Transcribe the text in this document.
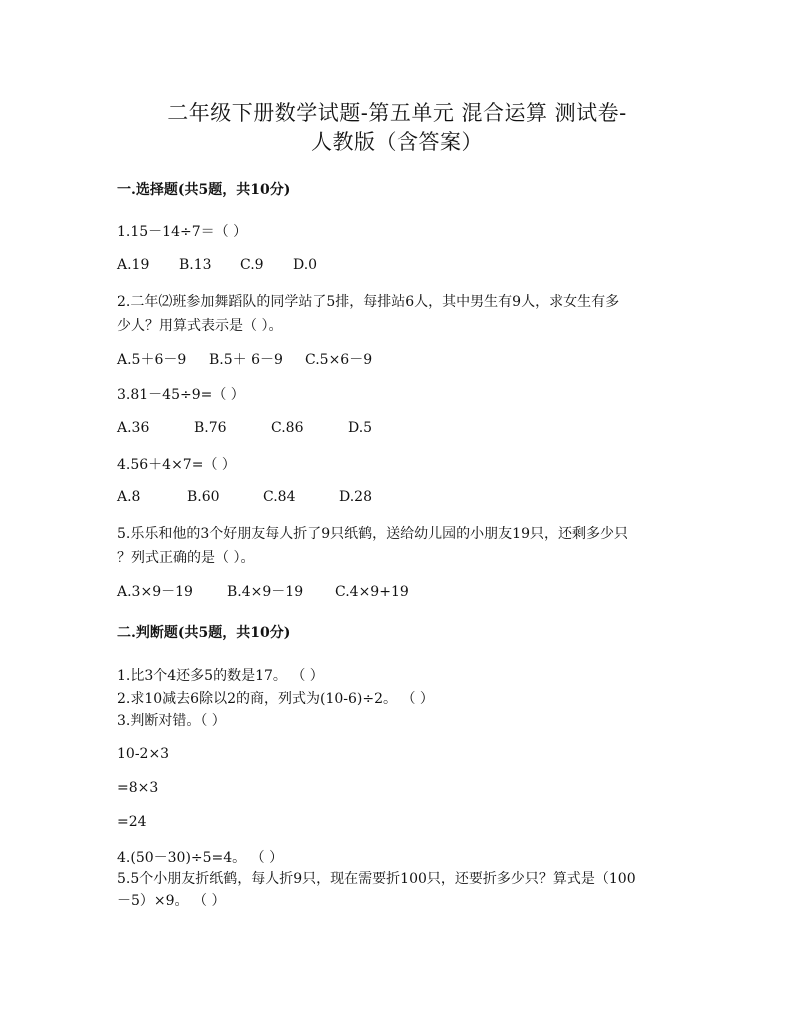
二年级下册数学试题-第五单元 混合运算 测试卷-
人教版（含答案）
一.选择题(共5题，共10分)
1.15－14÷7＝（ ）
A.19 B.13 C.9 D.0
2.二年⑵班参加舞蹈队的同学站了5排，每排站6人，其中男生有9人，求女生有多
少人？用算式表示是（ ）。
A.5＋6－9 B.5＋ 6－9 C.5×6－9
3.81－45÷9=（ ）
A.36	B.76	C.86	D.5
4.56＋4×7=（ ）
A.8	B.60	C.84	D.28
5.乐乐和他的3个好朋友每人折了9只纸鹤，送给幼儿园的小朋友19只，还剩多少只
？列式正确的是（ ）。
A.3×9－19 B.4×9－19 C.4×9+19
二.判断题(共5题，共10分)
1.比3个4还多5的数是17。 （ ）
2.求10减去6除以2的商，列式为(10-6)÷2。 （ ）
3.判断对错。（ ）
10-2×3
=8×3
=24
4.(50－30)÷5=4。 （ ）
5.5个小朋友折纸鹤，每人折9只，现在需要折100只，还要折多少只？算式是（100
－5）×9。 （ ）
